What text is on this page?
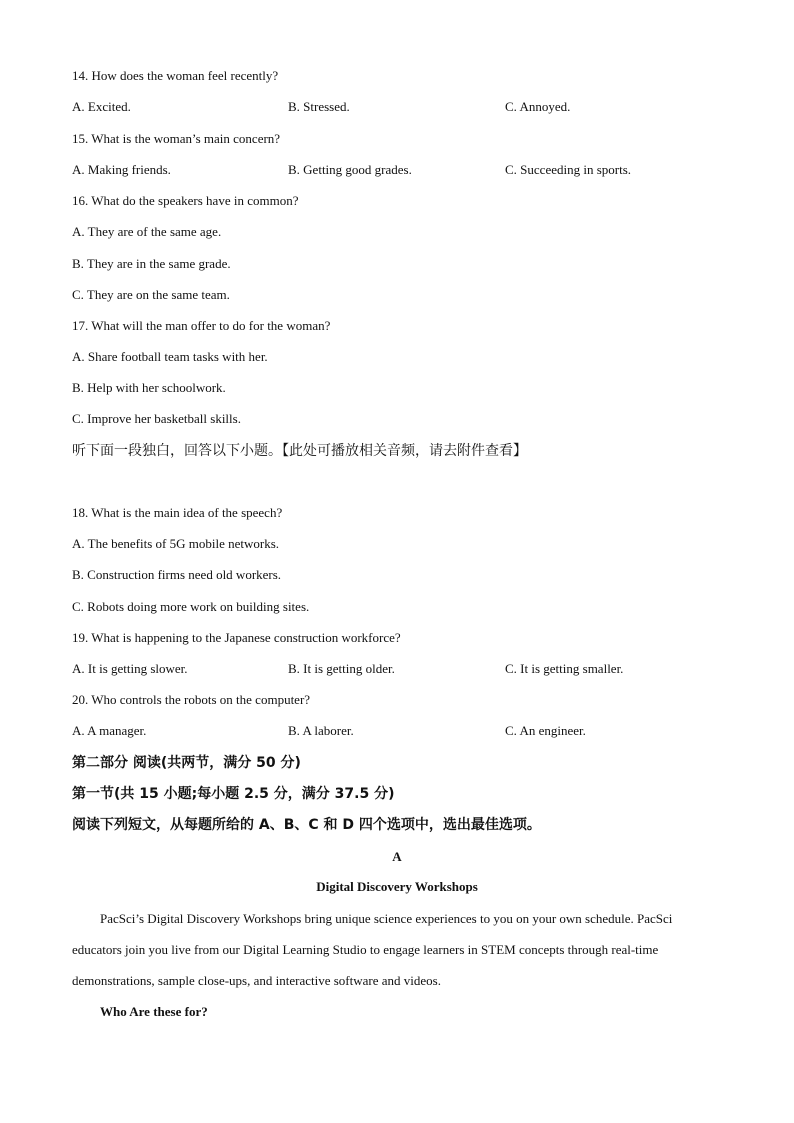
14. How does the woman feel recently?
A. Excited.	B. Stressed.	C. Annoyed.
15. What is the woman’s main concern?
A. Making friends.	B. Getting good grades.	C. Succeeding in sports.
16. What do the speakers have in common?
A. They are of the same age.
B. They are in the same grade.
C. They are on the same team.
17. What will the man offer to do for the woman?
A. Share football team tasks with her.
B. Help with her schoolwork.
C. Improve her basketball skills.
听下面一段独白，回答以下小题。【此处可播放相关音频，请去附件查看】
18. What is the main idea of the speech?
A. The benefits of 5G mobile networks.
B. Construction firms need old workers.
C. Robots doing more work on building sites.
19. What is happening to the Japanese construction workforce?
A. It is getting slower.	B. It is getting older.	C. It is getting smaller.
20. Who controls the robots on the computer?
A. A manager.	B. A laborer.	C. An engineer.
第二部分 阅读(共两节，满分 50 分)
第一节(共 15 小题;每小题 2.5 分，满分 37.5 分)
阅读下列短文，从每题所给的 A、B、C 和 D 四个选项中，选出最佳选项。
A
Digital Discovery Workshops
PacSci’s Digital Discovery Workshops bring unique science experiences to you on your own schedule. PacSci
educators join you live from our Digital Learning Studio to engage learners in STEM concepts through real-time
demonstrations, sample close-ups, and interactive software and videos.
Who Are these for?
